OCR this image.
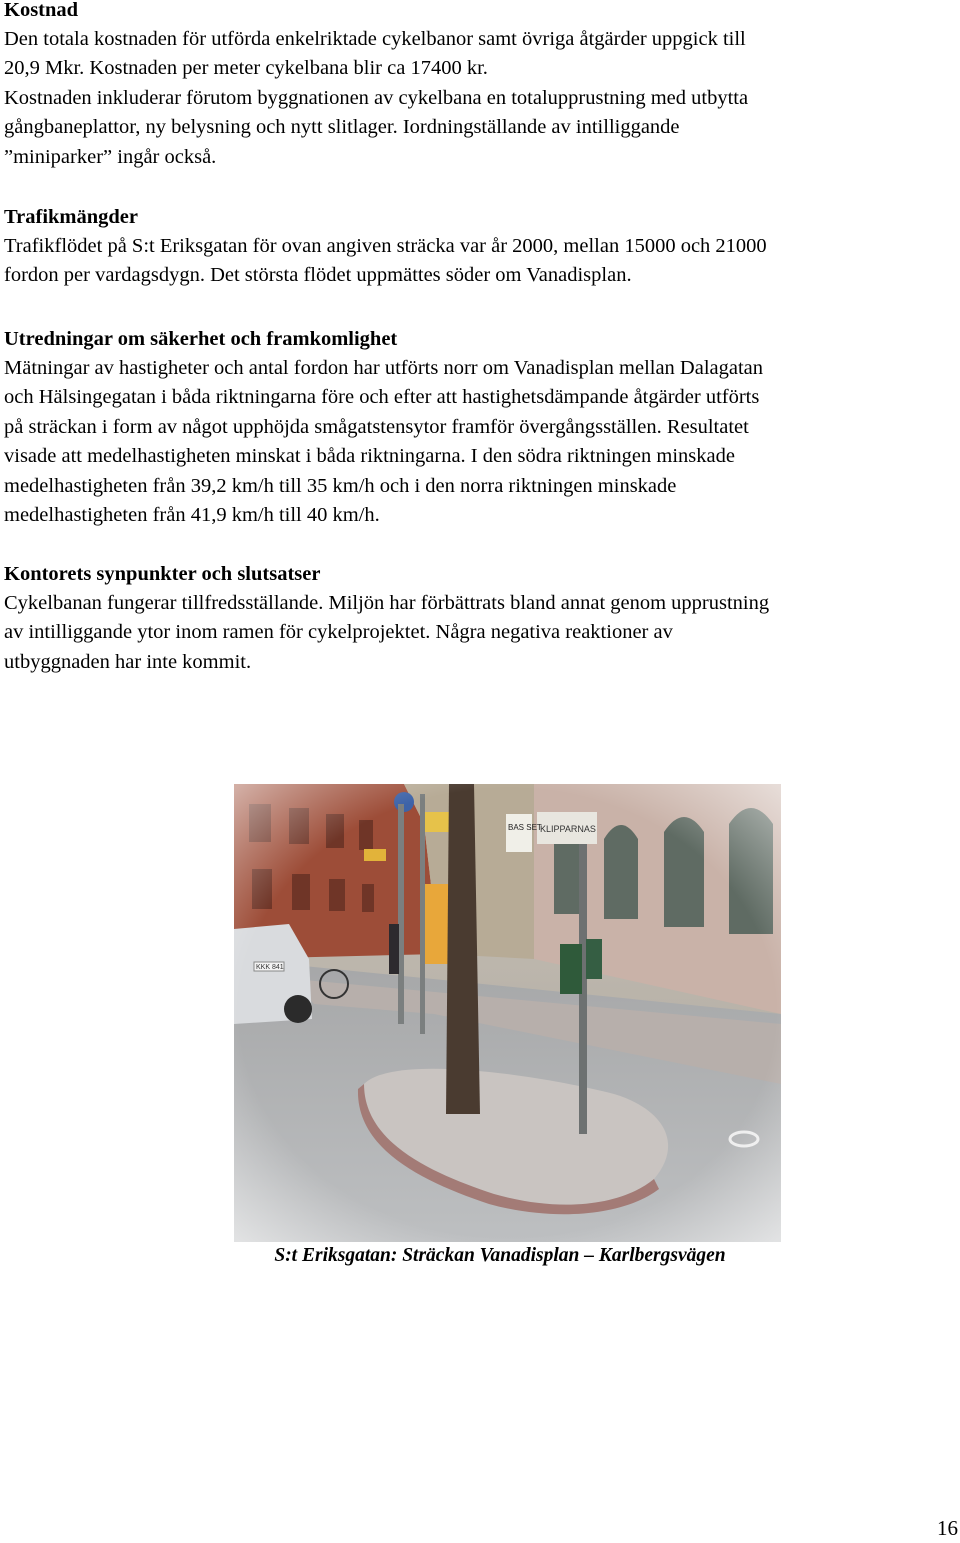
Kostnad

Den totala kostnaden för utförda enkelriktade cykelbanor samt övriga åtgärder uppgick till
20,9 Mkr. Kostnaden per meter cykelbana blir ca 17400 kr.
Kostnaden inkluderar förutom byggnationen av cykelbana en totalupprustning med utbytta
gångbaneplattor, ny belysning och nytt slitlager. Iordningställande av intilliggande
”miniparker” ingår också.

Trafikmängder

Trafikflödet på S:t Eriksgatan för ovan angiven sträcka var år 2000, mellan 15000 och 21000
fordon per vardagsdygn. Det största flödet uppmättes söder om Vanadisplan.

Utredningar om säkerhet och framkomlighet

Mätningar av hastigheter och antal fordon har utförts norr om Vanadisplan mellan Dalagatan
och Hälsingegatan i båda riktningarna före och efter att hastighetsdämpande åtgärder utförts
på sträckan i form av något upphöjda smågatstensytor framför övergångsställen. Resultatet
visade att medelhastigheten minskat i båda riktningarna. I den södra riktningen minskade
medelhastigheten från 39,2 km/h till 35 km/h och i den norra riktningen minskade
medelhastigheten från 41,9 km/h till 40 km/h.

Kontorets synpunkter och slutsatser

Cykelbanan fungerar tillfredsställande. Miljön har förbättrats bland annat genom upprustning
av intilliggande ytor inom ramen för cykelprojektet. Några negativa reaktioner av
utbyggnaden har inte kommit.

S:t Eriksgatan: Sträckan Vanadisplan – Karlbergsvägen
16
